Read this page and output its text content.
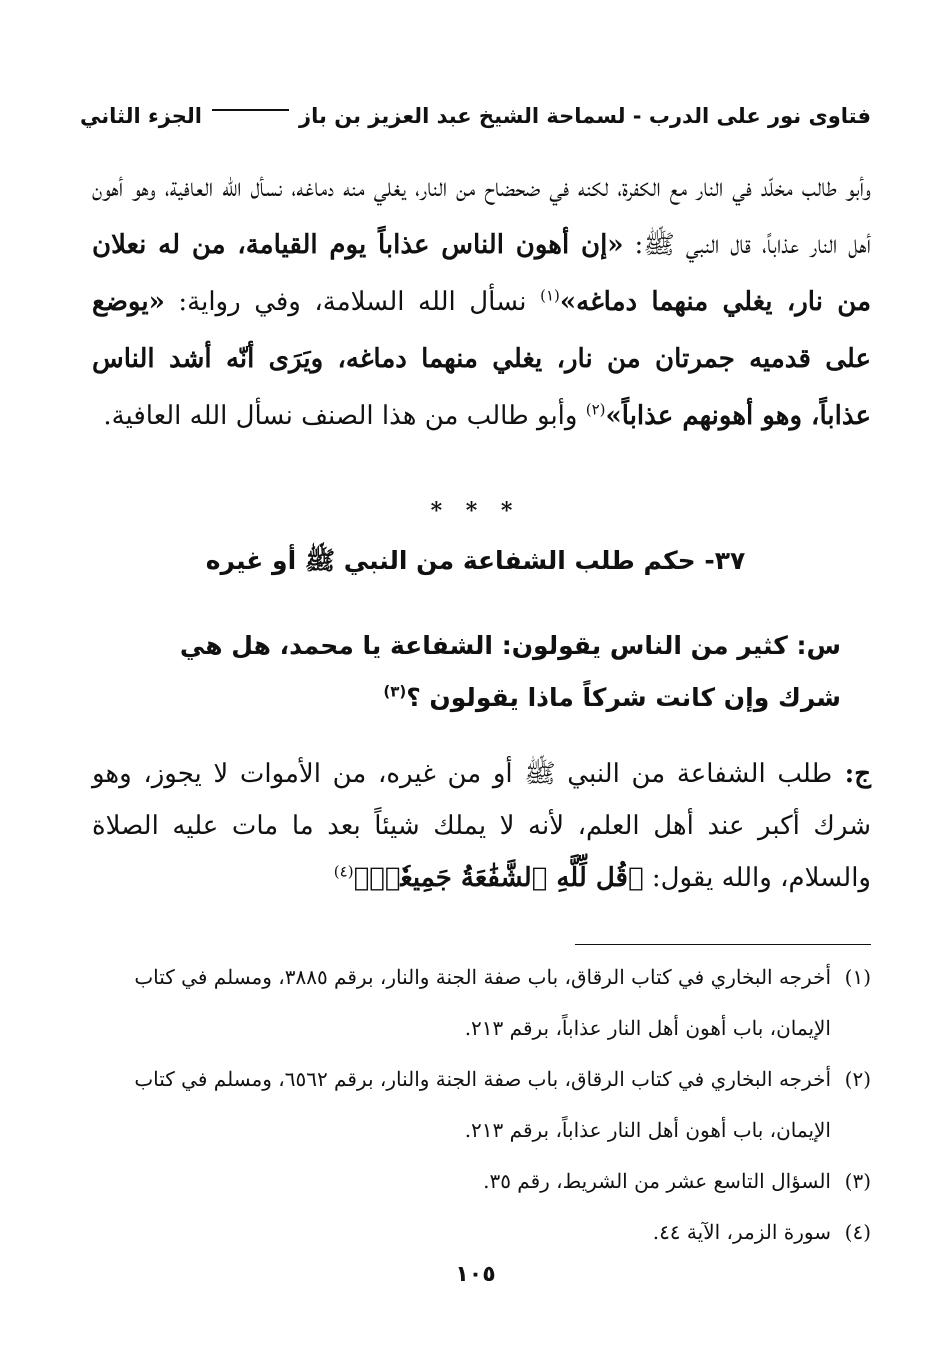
فتاوى نور على الدرب
-
لسماحة الشيخ عبد العزيز بن باز
الجزء الثاني
وأبو طالب مخلّد في النار مع الكفرة، لكنه في ضحضاح من النار، يغلي منه دماغه، نسأل الله العافية، وهو أهون أهل النار عذاباً، قال النبي ﷺ: «إن أهون الناس عذاباً يوم القيامة، من له نعلان من نار، يغلي منهما دماغه»$^{(١)}$ نسأل الله السلامة، وفي رواية: «يوضع على قدميه جمرتان من نار، يغلي منهما دماغه، ويَرَى أنّه أشد الناس عذاباً، وهو أهونهم عذاباً»$^{(٢)}$ وأبو طالب من هذا الصنف نسأل الله العافية.
* * *
٣٧- حكم طلب الشفاعة من النبي ﷺ أو غيره
س: كثير من الناس يقولون: الشفاعة يا محمد، هل هي شرك وإن كانت شركاً ماذا يقولون ؟$^{(٣)}$
ج: طلب الشفاعة من النبي ﷺ أو من غيره، من الأموات لا يجوز، وهو شرك أكبر عند أهل العلم، لأنه لا يملك شيئاً بعد ما مات عليه الصلاة والسلام، والله يقول: ﴿قُل لِّلَّهِ ٱلشَّفَٰعَةُ جَمِيعٗاۖ﴾$^{(٤)}$
(١)
أخرجه البخاري في كتاب الرقاق، باب صفة الجنة والنار، برقم ٣٨٨٥، ومسلم في كتاب الإيمان، باب أهون أهل النار عذاباً، برقم ٢١٣.
(٢)
أخرجه البخاري في كتاب الرقاق، باب صفة الجنة والنار، برقم ٦٥٦٢، ومسلم في كتاب الإيمان، باب أهون أهل النار عذاباً، برقم ٢١٣.
(٣)
السؤال التاسع عشر من الشريط، رقم ٣٥.
(٤)
سورة الزمر، الآية ٤٤.
١٠٥
